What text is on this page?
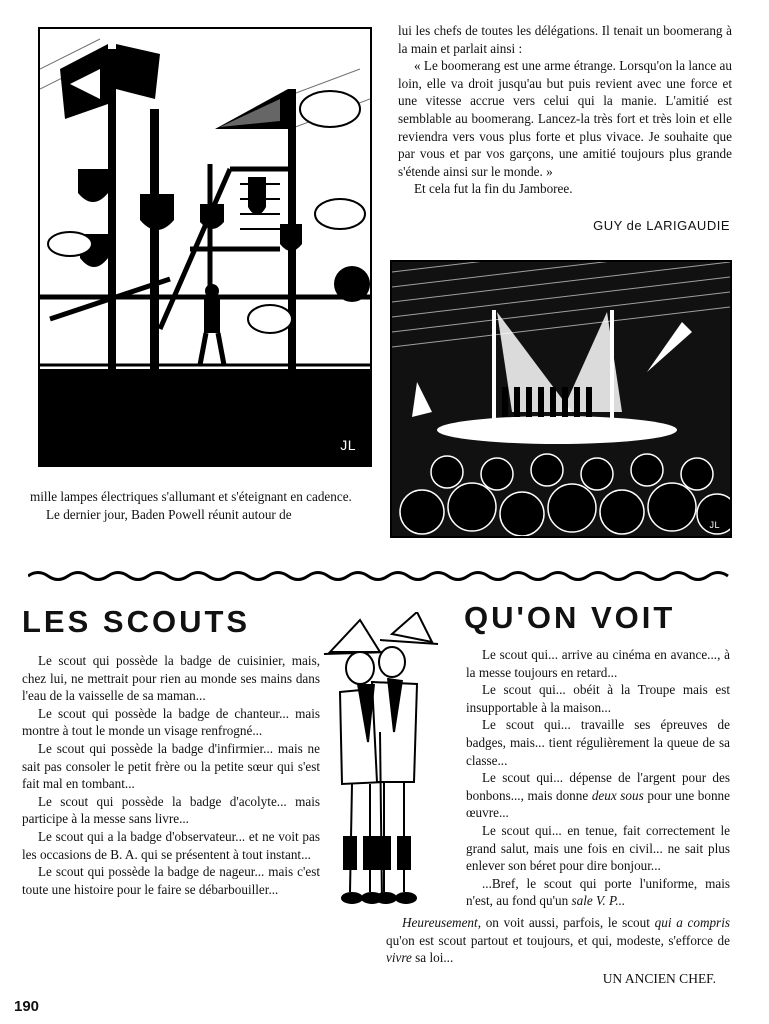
JL

mille lampes électriques s'allumant et s'éteignant en cadence.

Le dernier jour, Baden Powell réunit autour de

lui les chefs de toutes les délégations. Il tenait un boomerang à la main et parlait ainsi :

« Le boomerang est une arme étrange. Lorsqu'on la lance au loin, elle va droit jusqu'au but puis revient avec une force et une vitesse accrue vers celui qui la manie. L'amitié est semblable au boomerang. Lancez-la très fort et très loin et elle reviendra vers vous plus forte et plus vivace. Je souhaite que par vous et par vos garçons, une amitié toujours plus grande s'étende ainsi sur le monde. »

Et cela fut la fin du Jamboree.

GUY de LARIGAUDIE
JL
LES SCOUTS	QU'ON VOIT

Le scout qui possède la badge de cuisinier, mais, chez lui, ne mettrait pour rien au monde ses mains dans l'eau de la vaisselle de sa maman...

Le scout qui possède la badge de chanteur... mais montre à tout le monde un visage renfrogné...

Le scout qui possède la badge d'infirmier... mais ne sait pas consoler le petit frère ou la petite sœur qui s'est fait mal en tombant...

Le scout qui possède la badge d'acolyte... mais participe à la messe sans livre...

Le scout qui a la badge d'observateur... et ne voit pas les occasions de B. A. qui se présentent à tout instant...

Le scout qui possède la badge de nageur... mais c'est toute une histoire pour le faire se débarbouiller...

Le scout qui... arrive au cinéma en avance..., à la messe toujours en retard...

Le scout qui... obéit à la Troupe mais est insupportable à la maison...

Le scout qui... travaille ses épreuves de badges, mais... tient régulièrement la queue de sa classe...

Le scout qui... dépense de l'argent pour des bonbons..., mais donne deux sous pour une bonne œuvre...

Le scout qui... en tenue, fait correctement le grand salut, mais une fois en civil... ne sait plus enlever son béret pour dire bonjour...

...Bref, le scout qui porte l'uniforme, mais n'est, au fond qu'un sale V. P...

Heureusement, on voit aussi, parfois, le scout qui a compris qu'on est scout partout et toujours, et qui, modeste, s'efforce de vivre sa loi...

UN ANCIEN CHEF.
190
